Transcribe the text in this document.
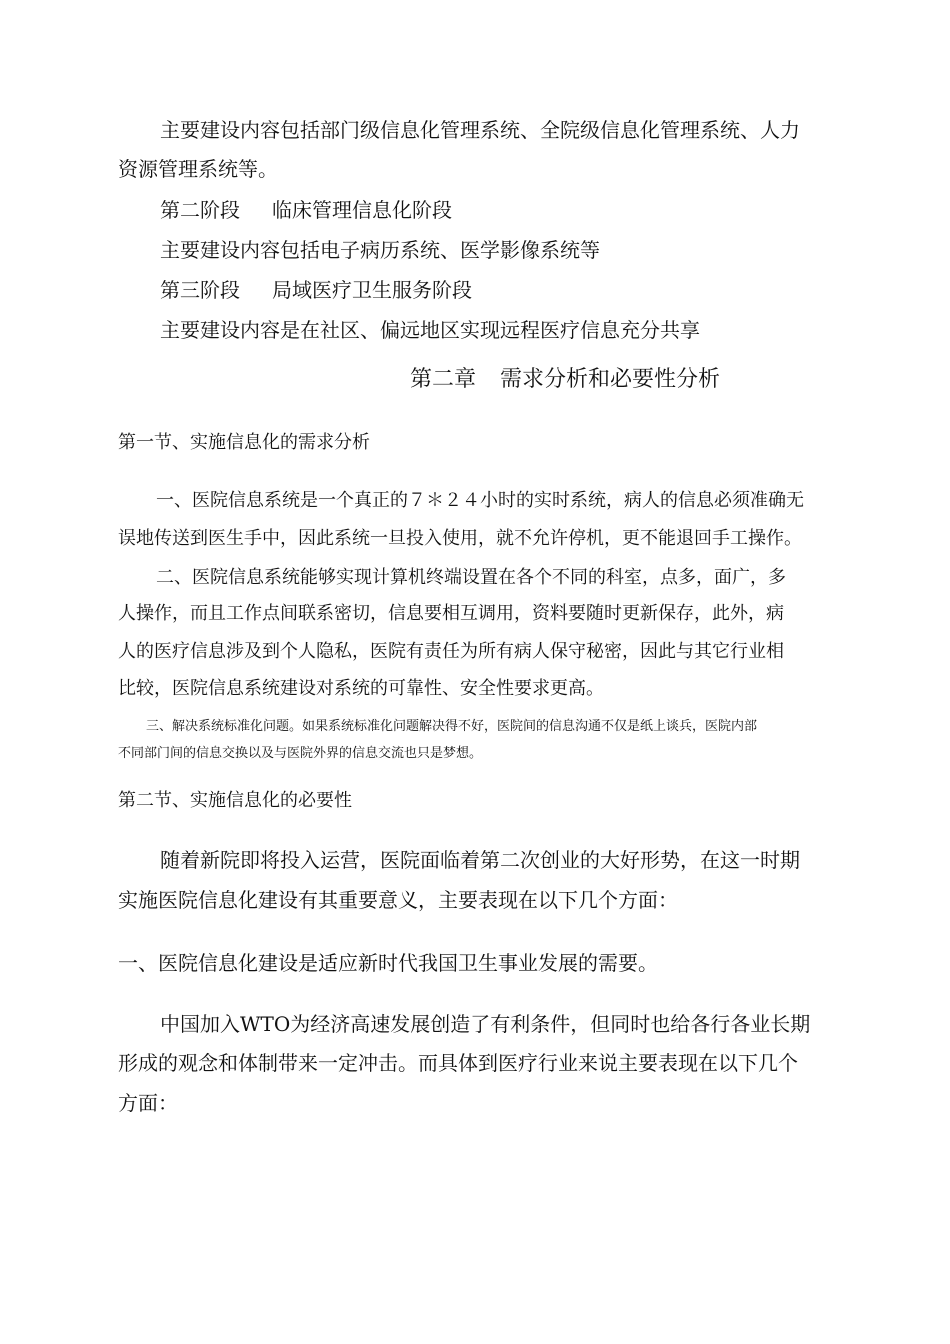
主要建设内容包括部门级信息化管理系统、全院级信息化管理系统、人力

资源管理系统等。

第二阶段 临床管理信息化阶段

主要建设内容包括电子病历系统、医学影像系统等

第三阶段 局域医疗卫生服务阶段

主要建设内容是在社区、偏远地区实现远程医疗信息充分共享

第二章 需求分析和必要性分析

第一节、实施信息化的需求分析

一、医院信息系统是一个真正的７＊２４小时的实时系统，病人的信息必须准确无

误地传送到医生手中，因此系统一旦投入使用，就不允许停机，更不能退回手工操作。

二、医院信息系统能够实现计算机终端设置在各个不同的科室，点多，面广，多

人操作，而且工作点间联系密切，信息要相互调用，资料要随时更新保存，此外，病

人的医疗信息涉及到个人隐私，医院有责任为所有病人保守秘密，因此与其它行业相

比较，医院信息系统建设对系统的可靠性、安全性要求更高。

三、解决系统标准化问题。如果系统标准化问题解决得不好，医院间的信息沟通不仅是纸上谈兵，医院内部

不同部门间的信息交换以及与医院外界的信息交流也只是梦想。

第二节、实施信息化的必要性

随着新院即将投入运营，医院面临着第二次创业的大好形势，在这一时期

实施医院信息化建设有其重要意义，主要表现在以下几个方面：

一、医院信息化建设是适应新时代我国卫生事业发展的需要。

中国加入WTO为经济高速发展创造了有利条件，但同时也给各行各业长期

形成的观念和体制带来一定冲击。而具体到医疗行业来说主要表现在以下几个

方面：
